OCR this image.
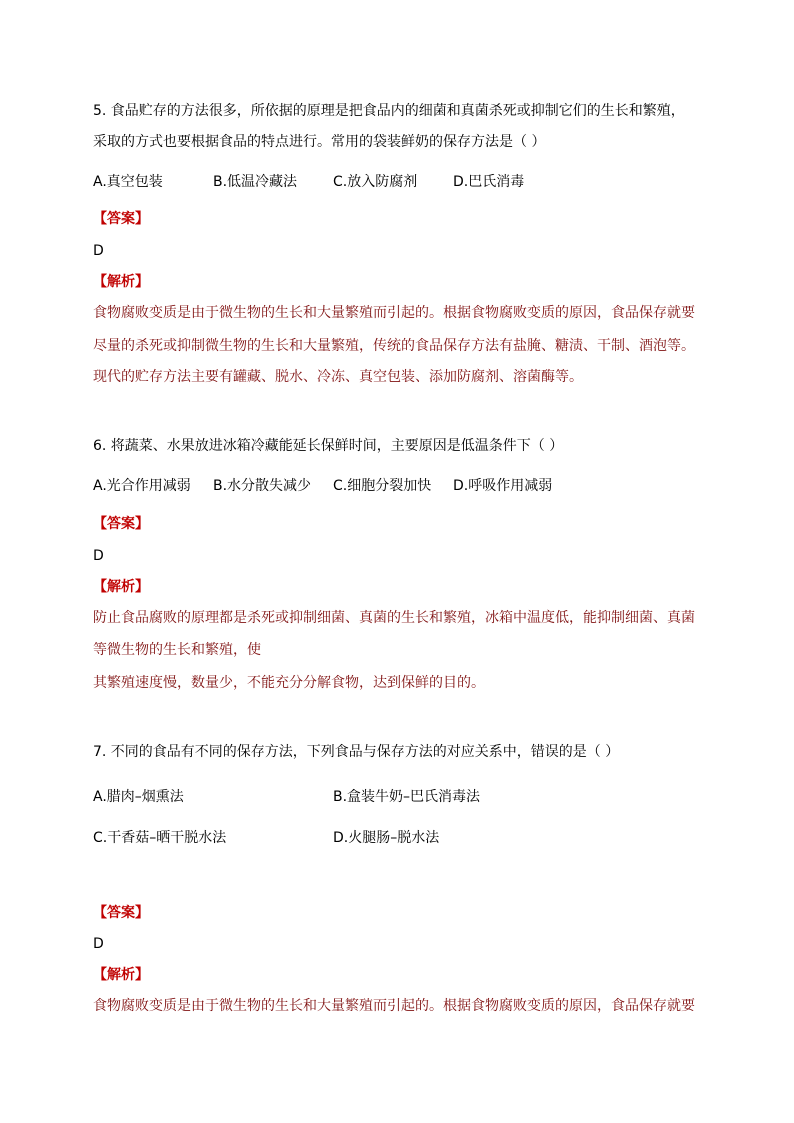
5. 食品贮存的方法很多，所依据的原理是把食品内的细菌和真菌杀死或抑制它们的生长和繁殖，
采取的方式也要根据食品的特点进行。常用的袋装鲜奶的保存方法是（ ）
A.真空包装	B.低温冷藏法	C.放入防腐剂	D.巴氏消毒
【答案】
D
【解析】
食物腐败变质是由于微生物的生长和大量繁殖而引起的。根据食物腐败变质的原因，食品保存就要
尽量的杀死或抑制微生物的生长和大量繁殖，传统的食品保存方法有盐腌、糖渍、干制、酒泡等。
现代的贮存方法主要有罐藏、脱水、冷冻、真空包装、添加防腐剂、溶菌酶等。
6. 将蔬菜、水果放进冰箱冷藏能延长保鲜时间，主要原因是低温条件下（ ）
A.光合作用减弱 B.水分散失减少 C.细胞分裂加快 D.呼吸作用减弱
【答案】
D
【解析】
防止食品腐败的原理都是杀死或抑制细菌、真菌的生长和繁殖，冰箱中温度低，能抑制细菌、真菌
等微生物的生长和繁殖，使
其繁殖速度慢，数量少，不能充分分解食物，达到保鲜的目的。
7. 不同的食品有不同的保存方法，下列食品与保存方法的对应关系中，错误的是（ ）
A.腊肉–烟熏法	B.盒装牛奶–巴氏消毒法
C.干香菇–晒干脱水法	D.火腿肠–脱水法
【答案】
D
【解析】
食物腐败变质是由于微生物的生长和大量繁殖而引起的。根据食物腐败变质的原因，食品保存就要
